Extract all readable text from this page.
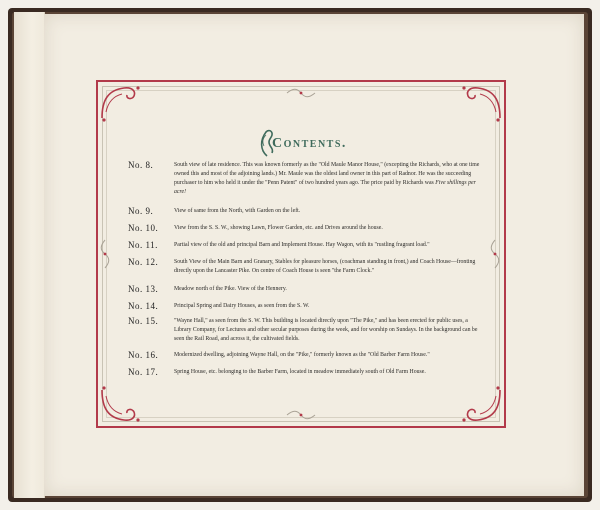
Contents.
No. 8.	South view of late residence. This was known formerly as the "Old Maule Manor House," (excepting the Richards, who at one time owned this and most of the adjoining lands.) Mr. Maule was the oldest land owner in this part of Radnor. He was the succeeding purchaser to him who held it under the "Penn Patent" of two hundred years ago. The price paid by Richards was Five shillings per acre!
No. 9.	View of same from the North, with Garden on the left.
No. 10.	View from the S. S. W., showing Lawn, Flower Garden, etc. and Drives around the house.
No. 11.	Partial view of the old and principal Barn and Implement House. Hay Wagon, with its "rustling fragrant load."
No. 12.	South View of the Main Barn and Granary, Stables for pleasure horses, (coachman standing in front,) and Coach House—fronting directly upon the Lancaster Pike. On centre of Coach House is seen "the Farm Clock."
No. 13.	Meadow north of the Pike. View of the Hennery.
No. 14.	Principal Spring and Dairy Houses, as seen from the S. W.
No. 15.	"Wayne Hall," as seen from the S. W. This building is located directly upon "The Pike," and has been erected for public uses, a Library Company, for Lectures and other secular purposes during the week, and for worship on Sundays. In the background can be seen the Rail Road, and across it, the cultivated fields.
No. 16.	Modernized dwelling, adjoining Wayne Hall, on the "Pike," formerly known as the "Old Barber Farm House."
No. 17.	Spring House, etc. belonging to the Barber Farm, located in meadow immediately south of Old Farm House.
